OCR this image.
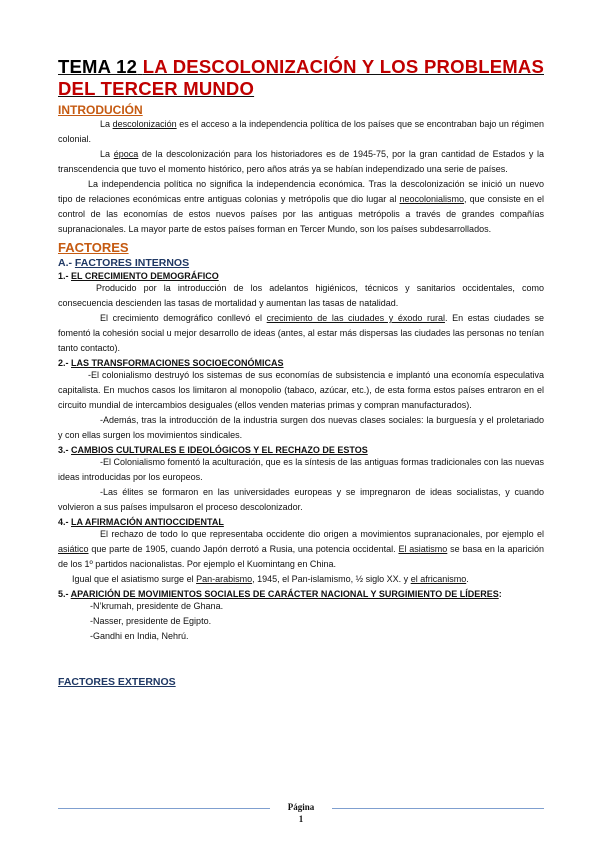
TEMA 12 LA DESCOLONIZACIÓN Y LOS PROBLEMAS DEL TERCER MUNDO
INTRODUCIÓN

La descolonización es el acceso a la independencia política de los países que se encontraban bajo un régimen colonial.

La época de la descolonización para los historiadores es de 1945-75, por la gran cantidad de Estados y la transcendencia que tuvo el momento histórico, pero años atrás ya se habían independizado una serie de países.

La independencia política no significa la independencia económica. Tras la descolonización se inició un nuevo tipo de relaciones económicas entre antiguas colonias y metrópolis que dio lugar al neocolonialismo, que consiste en el control de las economías de estos nuevos países por las antiguas metrópolis a través de grandes compañías supranacionales. La mayor parte de estos países forman en Tercer Mundo, son los países subdesarrollados.

FACTORES
A.- FACTORES INTERNOS
1.- EL CRECIMIENTO DEMOGRÁFICO

Producido por la introducción de los adelantos higiénicos, técnicos y sanitarios occidentales, como consecuencia descienden las tasas de mortalidad y aumentan las tasas de natalidad.

El crecimiento demográfico conllevó el crecimiento de las ciudades y éxodo rural. En estas ciudades se fomentó la cohesión social u mejor desarrollo de ideas (antes, al estar más dispersas las ciudades las personas no tenían tanto contacto).

2.- LAS TRANSFORMACIONES SOCIOECONÓMICAS

-El colonialismo destruyó los sistemas de sus economías de subsistencia e implantó una economía especulativa capitalista. En muchos casos los limitaron al monopolio (tabaco, azúcar, etc.), de esta forma estos países entraron en el circuito mundial de intercambios desiguales (ellos venden materias primas y compran manufacturados).

-Además, tras la introducción de la industria surgen dos nuevas clases sociales: la burguesía y el proletariado y con ellas surgen los movimientos sindicales.

3.- CAMBIOS CULTURALES E IDEOLÓGICOS Y EL RECHAZO DE ESTOS

-El Colonialismo fomentó la aculturación, que es la síntesis de las antiguas formas tradicionales con las nuevas ideas introducidas por los europeos.

-Las élites se formaron en las universidades europeas y se impregnaron de ideas socialistas, y cuando volvieron a sus países impulsaron el proceso descolonizador.

4.- LA AFIRMACIÓN ANTIOCCIDENTAL

El rechazo de todo lo que representaba occidente dio origen a movimientos supranacionales, por ejemplo el asiático que parte de 1905, cuando Japón derrotó a Rusia, una potencia occidental. El asiatismo se basa en la aparición de los 1º partidos nacionalistas. Por ejemplo el Kuomintang en China.

Igual que el asiatismo surge el Pan-arabismo, 1945, el Pan-islamismo, ½ siglo XX. y el africanismo.

5.- APARICIÓN DE MOVIMIENTOS SOCIALES DE CARÁCTER NACIONAL Y SURGIMIENTO DE LÍDERES:
-N’krumah, presidente de Ghana.
-Nasser, presidente de Egipto.
-Gandhi en India, Nehrú.
FACTORES EXTERNOS
Página
1
